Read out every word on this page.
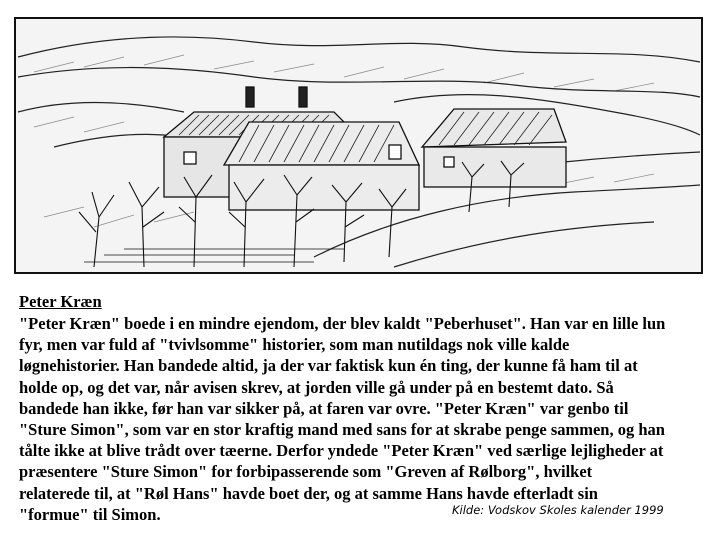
Peter Kræn
"Peter Kræn" boede i en mindre ejendom, der blev kaldt "Peberhuset". Han var en lille lun
fyr, men var fuld af "tvivlsomme" historier, som man nutildags nok ville kalde
løgnehistorier. Han bandede altid, ja der var faktisk kun én ting, der kunne få ham til at
holde op, og det var, når avisen skrev, at jorden ville gå under på en bestemt dato. Så
bandede han ikke, før han var sikker på, at faren var ovre. "Peter Kræn" var genbo til
"Sture Simon", som var en stor kraftig mand med sans for at skrabe penge sammen, og han
tålte ikke at blive trådt over tæerne. Derfor yndede "Peter Kræn" ved særlige lejligheder at
præsentere "Sture Simon" for forbipasserende som "Greven af Rølborg", hvilket
relaterede til, at "Røl Hans" havde boet der, og at samme Hans havde efterladt sin
"formue" til Simon.	Kilde: Vodskov Skoles kalender 1999
